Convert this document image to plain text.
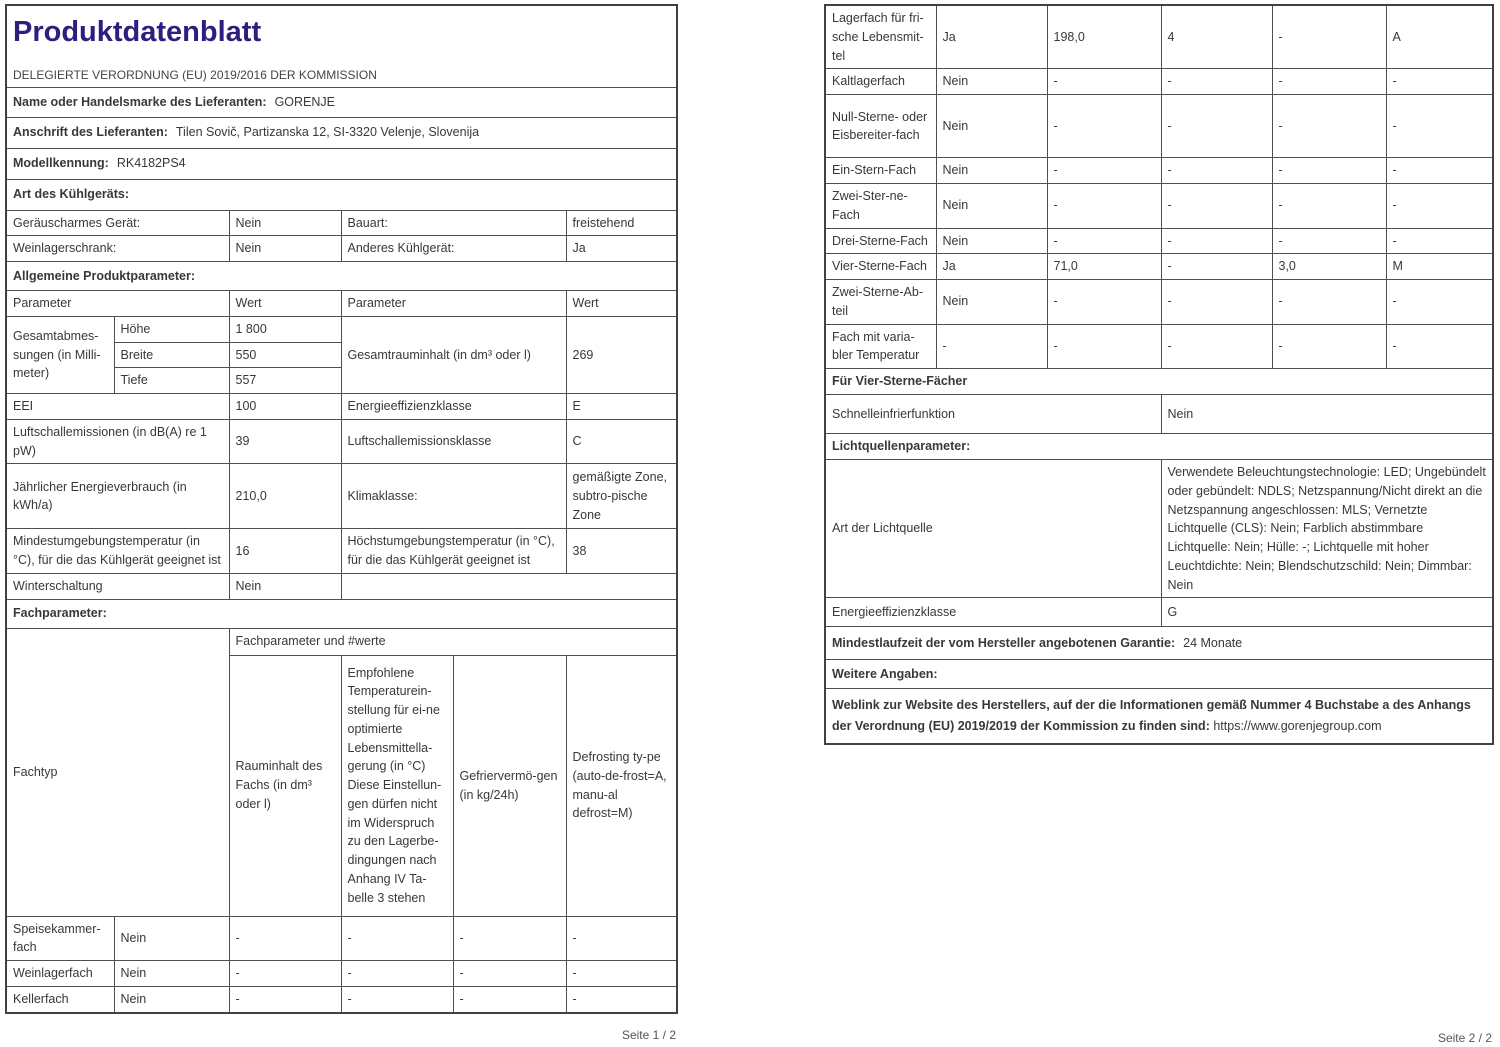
Produktdatenblatt
DELEGIERTE VERORDNUNG (EU) 2019/2016 DER KOMMISSION					

Name oder Handelsmarke des Lieferanten: GORENJE					
Anschrift des Lieferanten: Tilen Sovič, Partizanska 12, SI-3320 Velenje, Slovenija					
Modellkennung: RK4182PS4					
Art des Kühlgeräts:					
Geräuscharmes Gerät:		Nein	Bauart:		freistehend
Weinlagerschrank:		Nein	Anderes Kühlgerät:		Ja
Allgemeine Produktparameter:					
Parameter		Wert	Parameter		Wert
Gesamtabmes-sungen (in Milli-meter)	Höhe	1 800	Gesamtrauminhalt (in dm³ oder l)		269
	Breite	550			
	Tiefe	557			
EEI		100	Energieeffizienzklasse		E
Luftschallemissionen (in dB(A) re 1 pW)		39	Luftschallemissionsklasse		C
Jährlicher Energieverbrauch (in kWh/a)		210,0	Klimaklasse:		gemäßigte Zone, subtro-pische Zone
Mindestumgebungstemperatur (in °C), für die das Kühlgerät geeignet ist		16	Höchstumgebungstemperatur (in °C), für die das Kühlgerät geeignet ist		38
Winterschaltung		Nein			
Fachparameter:					
Fachtyp		Fachparameter und #werte			
		Rauminhalt des Fachs (in dm³ oder l)	Empfohlene Temperaturein-stellung für ei-ne optimierte Lebensmittella-gerung (in °C) Diese Einstellun-gen dürfen nicht im Widerspruch zu den Lagerbe-dingungen nach Anhang IV Ta-belle 3 stehen	Gefriervermö-gen (in kg/24h)	Defrosting ty-pe (auto-de-frost=A, manu-al defrost=M)
Speisekammer-fach	Nein	-	-	-	-
Weinlagerfach	Nein	-	-	-	-
Kellerfach	Nein	-	-	-	-
Seite 1 / 2
Lagerfach für fri-sche Lebensmit-tel	Ja	198,0	4	-	A
Kaltlagerfach	Nein	-	-	-	-
Null-Sterne- oder Eisbereiter-fach	Nein	-	-	-	-
Ein-Stern-Fach	Nein	-	-	-	-
Zwei-Ster-ne-Fach	Nein	-	-	-	-
Drei-Sterne-Fach	Nein	-	-	-	-
Vier-Sterne-Fach	Ja	71,0	-	3,0	M
Zwei-Sterne-Ab-teil	Nein	-	-	-	-
Fach mit varia-bler Temperatur	-	-	-	-	-
Für Vier-Sterne-Fächer					
Schnelleinfrierfunktion			Nein		
Lichtquellenparameter:					
Art der Lichtquelle			Verwendete Beleuchtungstechnologie: LED; Ungebündelt oder gebündelt: NDLS; Netzspannung/Nicht direkt an die Netzspannung angeschlossen: MLS; Vernetzte Lichtquelle (CLS): Nein; Farblich abstimmbare Lichtquelle: Nein; Hülle: -; Lichtquelle mit hoher Leuchtdichte: Nein; Blendschutzschild: Nein; Dimmbar: Nein		
Energieeffizienzklasse			G		
Mindestlaufzeit der vom Hersteller angebotenen Garantie: 24 Monate					
Weitere Angaben:					
Weblink zur Website des Herstellers, auf der die Informationen gemäß Nummer 4 Buchstabe a des Anhangs der Verordnung (EU) 2019/2019 der Kommission zu finden sind: https://www.gorenjegroup.com					
Seite 2 / 2
